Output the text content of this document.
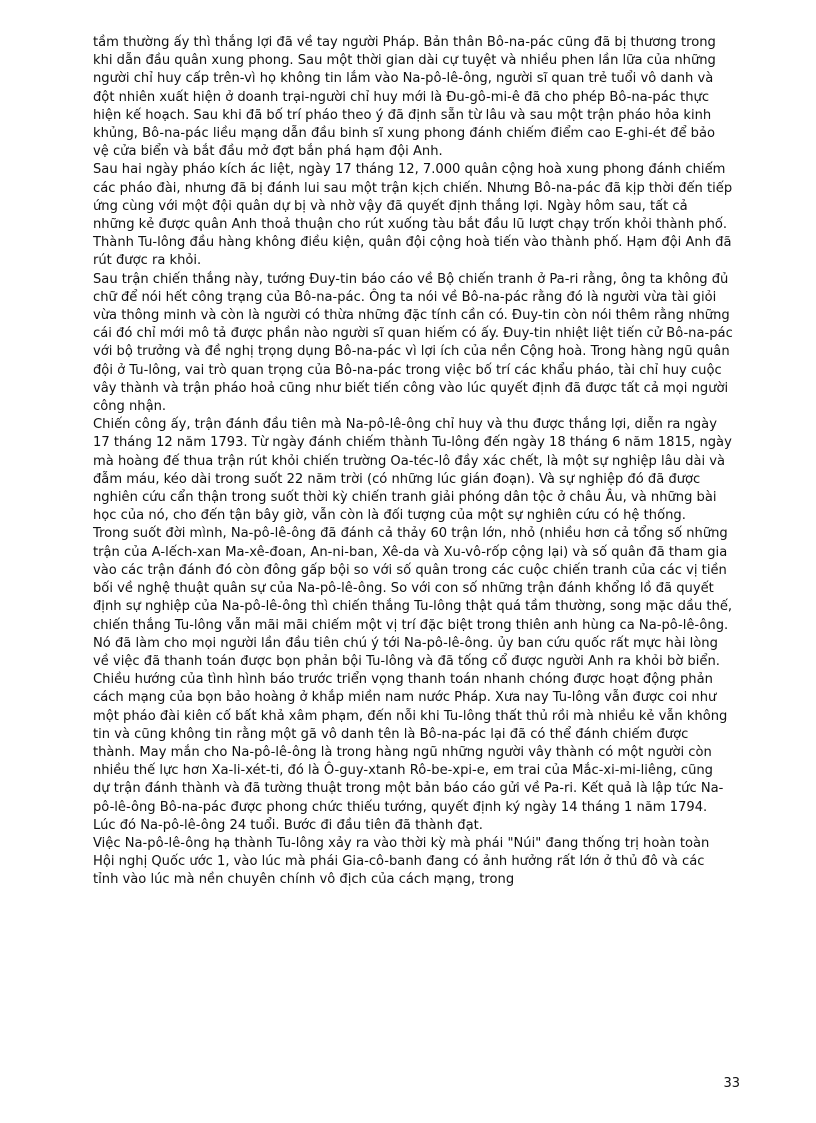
tầm thường ấy thì thắng lợi đã về tay người Pháp. Bản thân Bô-na-pác cũng đã bị thương trong khi dẫn đầu quân xung phong. Sau một thời gian dài cự tuyệt và nhiều phen lần lữa của những người chỉ huy cấp trên-vì họ không tin lắm vào Na-pô-lê-ông, người sĩ quan trẻ tuổi vô danh và đột nhiên xuất hiện ở doanh trại-người chỉ huy mới là Đu-gô-mi-ê đã cho phép Bô-na-pác thực hiện kế hoạch. Sau khi đã bố trí pháo theo ý đã định sẵn từ lâu và sau một trận pháo hỏa kinh khủng, Bô-na-pác liều mạng dẫn đầu binh sĩ xung phong đánh chiếm điểm cao E-ghi-ét để bảo vệ cửa biển và bắt đầu mở đợt bắn phá hạm đội Anh.

Sau hai ngày pháo kích ác liệt, ngày 17 tháng 12, 7.000 quân cộng hoà xung phong đánh chiếm các pháo đài, nhưng đã bị đánh lui sau một trận kịch chiến. Nhưng Bô-na-pác đã kịp thời đến tiếp ứng cùng với một đội quân dự bị và nhờ vậy đã quyết định thắng lợi. Ngày hôm sau, tất cả những kẻ được quân Anh thoả thuận cho rút xuống tàu bắt đầu lũ lượt chạy trốn khỏi thành phố. Thành Tu-lông đầu hàng không điều kiện, quân đội cộng hoà tiến vào thành phố. Hạm đội Anh đã rút được ra khỏi.

Sau trận chiến thắng này, tướng Đuy-tin báo cáo về Bộ chiến tranh ở Pa-ri rằng, ông ta không đủ chữ để nói hết công trạng của Bô-na-pác. Ông ta nói về Bô-na-pác rằng đó là người vừa tài giỏi vừa thông minh và còn là người có thừa những đặc tính cần có. Đuy-tin còn nói thêm rằng những cái đó chỉ mới mô tả được phần nào người sĩ quan hiếm có ấy. Đuy-tin nhiệt liệt tiến cử Bô-na-pác với bộ trưởng và đề nghị trọng dụng Bô-na-pác vì lợi ích của nền Cộng hoà. Trong hàng ngũ quân đội ở Tu-lông, vai trò quan trọng của Bô-na-pác trong việc bố trí các khẩu pháo, tài chỉ huy cuộc vây thành và trận pháo hoả cũng như biết tiến công vào lúc quyết định đã được tất cả mọi người công nhận.

Chiến công ấy, trận đánh đầu tiên mà Na-pô-lê-ông chỉ huy và thu được thắng lợi, diễn ra ngày 17 tháng 12 năm 1793. Từ ngày đánh chiếm thành Tu-lông đến ngày 18 tháng 6 năm 1815, ngày mà hoàng đế thua trận rút khỏi chiến trường Oa-téc-lô đầy xác chết, là một sự nghiệp lâu dài và đẫm máu, kéo dài trong suốt 22 năm trời (có những lúc gián đoạn). Và sự nghiệp đó đã được nghiên cứu cẩn thận trong suốt thời kỳ chiến tranh giải phóng dân tộc ở châu Âu, và những bài học của nó, cho đến tận bây giờ, vẫn còn là đối tượng của một sự nghiên cứu có hệ thống.

Trong suốt đời mình, Na-pô-lê-ông đã đánh cả thảy 60 trận lớn, nhỏ (nhiều hơn cả tổng số những trận của A-lếch-xan Ma-xê-đoan, An-ni-ban, Xê-da và Xu-vô-rốp cộng lại) và số quân đã tham gia vào các trận đánh đó còn đông gấp bội so với số quân trong các cuộc chiến tranh của các vị tiền bối về nghệ thuật quân sự của Na-pô-lê-ông. So với con số những trận đánh khổng lồ đã quyết định sự nghiệp của Na-pô-lê-ông thì chiến thắng Tu-lông thật quá tầm thường, song mặc dầu thế, chiến thắng Tu-lông vẫn mãi mãi chiếm một vị trí đặc biệt trong thiên anh hùng ca Na-pô-lê-ông. Nó đã làm cho mọi người lần đầu tiên chú ý tới Na-pô-lê-ông. ủy ban cứu quốc rất mực hài lòng về việc đã thanh toán được bọn phản bội Tu-lông và đã tống cổ được người Anh ra khỏi bờ biển.

Chiều hướng của tình hình báo trước triển vọng thanh toán nhanh chóng được hoạt động phản cách mạng của bọn bảo hoàng ở khắp miền nam nước Pháp. Xưa nay Tu-lông vẫn được coi như một pháo đài kiên cố bất khả xâm phạm, đến nỗi khi Tu-lông thất thủ rồi mà nhiều kẻ vẫn không tin và cũng không tin rằng một gã vô danh tên là Bô-na-pác lại đã có thể đánh chiếm được thành. May mắn cho Na-pô-lê-ông là trong hàng ngũ những người vây thành có một người còn nhiều thế lực hơn Xa-li-xét-ti, đó là Ô-guy-xtanh Rô-be-xpi-e, em trai của Mắc-xi-mi-liêng, cũng dự trận đánh thành và đã tường thuật trong một bản báo cáo gửi về Pa-ri. Kết quả là lập tức Na-pô-lê-ông Bô-na-pác được phong chức thiếu tướng, quyết định ký ngày 14 tháng 1 năm 1794. Lúc đó Na-pô-lê-ông 24 tuổi. Bước đi đầu tiên đã thành đạt.

Việc Na-pô-lê-ông hạ thành Tu-lông xảy ra vào thời kỳ mà phái "Núi" đang thống trị hoàn toàn Hội nghị Quốc ước 1, vào lúc mà phái Gia-cô-banh đang có ảnh hưởng rất lớn ở thủ đô và các tỉnh vào lúc mà nền chuyên chính vô địch của cách mạng, trong

33
